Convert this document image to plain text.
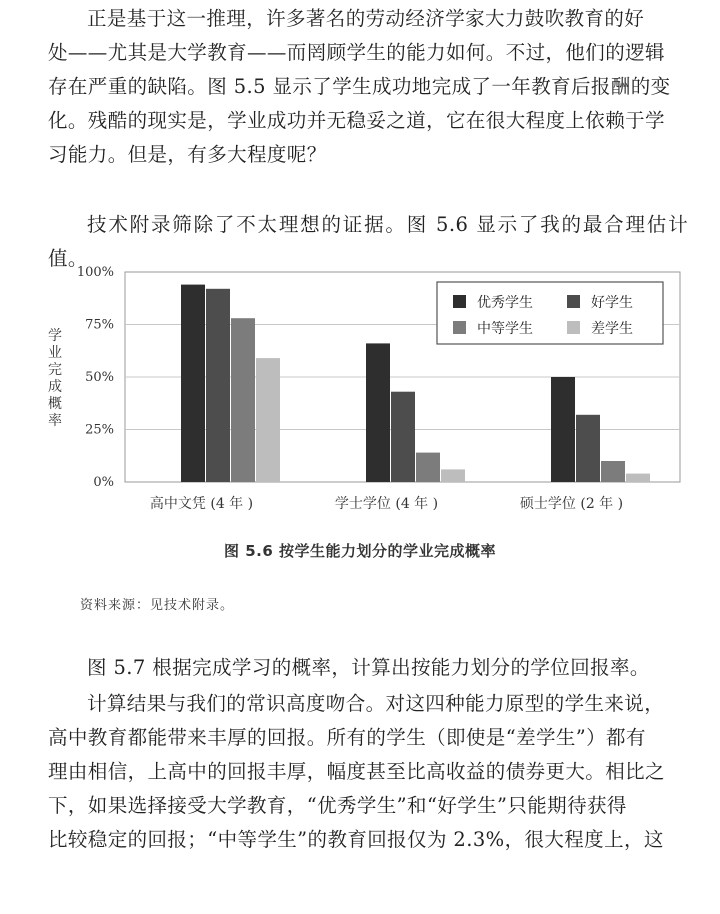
正是基于这一推理，许多著名的劳动经济学家大力鼓吹教育的好
处——尤其是大学教育——而罔顾学生的能力如何。不过，他们的逻辑
存在严重的缺陷。图 5.5 显示了学生成功地完成了一年教育后报酬的变
化。残酷的现实是，学业成功并无稳妥之道，它在很大程度上依赖于学
习能力。但是，有多大程度呢？

技术附录筛除了不太理想的证据。图 5.6 显示了我的最合理估计值。

0%
25%
50%
75%
100%
高中文凭 (4 年 )	学士学位 (4 年 )	硕士学位 (2 年 )
优秀学生	好学生
中等学生	差学生
学业完成概率
图 5.6 按学生能力划分的学业完成概率
资料来源：见技术附录。

图 5.7 根据完成学习的概率，计算出按能力划分的学位回报率。

计算结果与我们的常识高度吻合。对这四种能力原型的学生来说，
高中教育都能带来丰厚的回报。所有的学生（即使是“差学生”）都有
理由相信，上高中的回报丰厚，幅度甚至比高收益的债券更大。相比之
下，如果选择接受大学教育，“优秀学生”和“好学生”只能期待获得
比较稳定的回报；“中等学生”的教育回报仅为 2.3%，很大程度上，这
